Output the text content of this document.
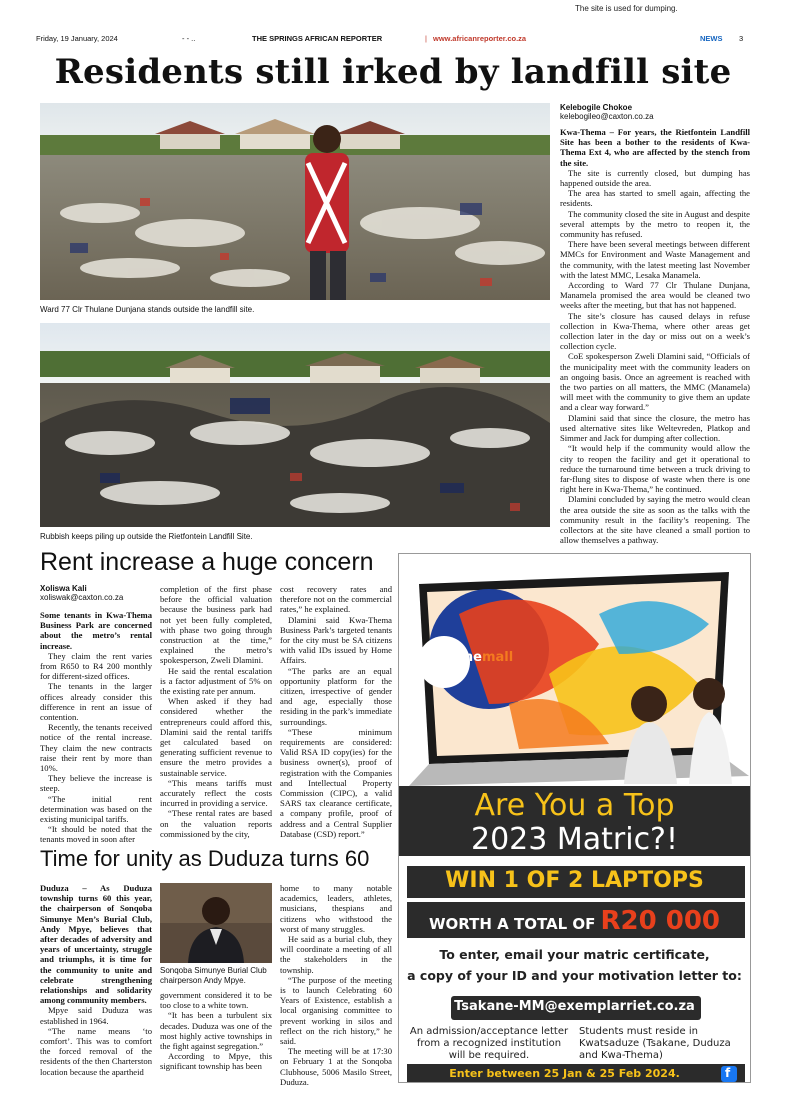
The site is used for dumping.
Friday, 19 January, 2024	- - ..	THE SPRINGS AFRICAN REPORTER	| www.africanreporter.co.za	NEWS 3
Residents still irked by landfill site
Ward 77 Clr Thulane Dunjana stands outside the landfill site.
Rubbish keeps piling up outside the Rietfontein Landfill Site.
Kelebogile Chokoe
kelebogileo@caxton.co.za

Kwa-Thema – For years, the Rietfontein Landfill Site has been a bother to the residents of Kwa-Thema Ext 4, who are affected by the stench from the site.

The site is currently closed, but dumping has happened outside the area.

The area has started to smell again, affecting the residents.

The community closed the site in August and despite several attempts by the metro to reopen it, the community has refused.

There have been several meetings between different MMCs for Environment and Waste Management and the community, with the latest meeting last November with the latest MMC, Lesaka Manamela.

According to Ward 77 Clr Thulane Dunjana, Manamela promised the area would be cleaned two weeks after the meeting, but that has not happened.

The site’s closure has caused delays in refuse collection in Kwa-Thema, where other areas get collection later in the day or miss out on a week’s collection cycle.

CoE spokesperson Zweli Dlamini said, “Officials of the municipality meet with the community leaders on an ongoing basis. Once an agreement is reached with the two parties on all matters, the MMC (Manamela) will meet with the community to give them an update and a clear way forward.”

Dlamini said that since the closure, the metro has used alternative sites like Weltevreden, Platkop and Simmer and Jack for dumping after collection.

“It would help if the community would allow the city to reopen the facility and get it operational to reduce the turnaround time between a truck driving to far-flung sites to dispose of waste when there is one right here in Kwa-Thema,” he continued.

Dlamini concluded by saying the metro would clean the area outside the site as soon as the talks with the community result in the facility’s reopening. The collectors at the site have cleaned a small portion to allow themselves a pathway.

Rent increase a huge concern
Xoliswa Kali
xoliswak@caxton.co.za

Some tenants in Kwa-Thema Business Park are concerned about the metro’s rental increase.

They claim the rent varies from R650 to R4 200 monthly for different-sized offices.

The tenants in the larger offices already consider this difference in rent an issue of contention.

Recently, the tenants received notice of the rental increase. They claim the new contracts raise their rent by more than 10%.

They believe the increase is steep.

“The initial rent determination was based on the existing municipal tariffs.

“It should be noted that the tenants moved in soon after

completion of the first phase before the official valuation because the business park had not yet been fully completed, with phase two going through construction at the time,” explained the metro’s spokesperson, Zweli Dlamini.

He said the rental escalation is a factor adjustment of 5% on the existing rate per annum.

When asked if they had considered whether the entrepreneurs could afford this, Dlamini said the rental tariffs get calculated based on generating sufficient revenue to ensure the metro provides a sustainable service.

“This means tariffs must accurately reflect the costs incurred in providing a service.

“These rental rates are based on the valuation reports commissioned by the city,

cost recovery rates and therefore not on the commercial rates,” he explained.

Dlamini said Kwa-Thema Business Park’s targeted tenants for the city must be SA citizens with valid IDs issued by Home Affairs.

“The parks are an equal opportunity platform for the citizen, irrespective of gender and age, especially those residing in the park’s immediate surroundings.

“These minimum requirements are considered: Valid RSA ID copy(ies) for the business owner(s), proof of registration with the Companies and Intellectual Property Commission (CIPC), a valid SARS tax clearance certificate, a company profile, proof of address and a Central Supplier Database (CSD) report.”

Time for unity as Duduza turns 60

Duduza – As Duduza township turns 60 this year, the chairperson of Sonqoba Simunye Men’s Burial Club, Andy Mpye, believes that after decades of adversity and years of uncertainty, struggle and triumphs, it is time for the community to unite and celebrate strengthening relationships and solidarity among community members.

Mpye said Duduza was established in 1964.

“The name means ‘to comfort’. This was to comfort the forced removal of the residents of the then Charterston location because the apartheid

Sonqoba Simunye Burial Club chairperson Andy Mpye.

government considered it to be too close to a white town.

“It has been a turbulent six decades. Duduza was one of the most highly active townships in the fight against segregation.”

According to Mpye, this significant township has been

home to many notable academics, leaders, athletes, musicians, thespians and citizens who withstood the worst of many struggles.

He said as a burial club, they will coordinate a meeting of all the stakeholders in the township.

“The purpose of the meeting is to launch Celebrating 60 Years of Existence, establish a local organising committee to prevent working in silos and reflect on the rich history,” he said.

The meeting will be at 17:30 on February 1 at the Sonqoba Clubhouse, 5006 Masilo Street, Duduza.

tsakanemall
Are You a Top
2023 Matric?!
WIN 1 OF 2 LAPTOPS
WORTH A TOTAL OF R20 000
To enter, email your matric certificate,
a copy of your ID and your motivation letter to:
Tsakane-MM@exemplarriet.co.za
An admission/acceptance letter from a recognized institution will be required.
Students must reside in Kwatsaduze (Tsakane, Duduza and Kwa-Thema)
Enter between 25 Jan & 25 Feb 2024.	f
